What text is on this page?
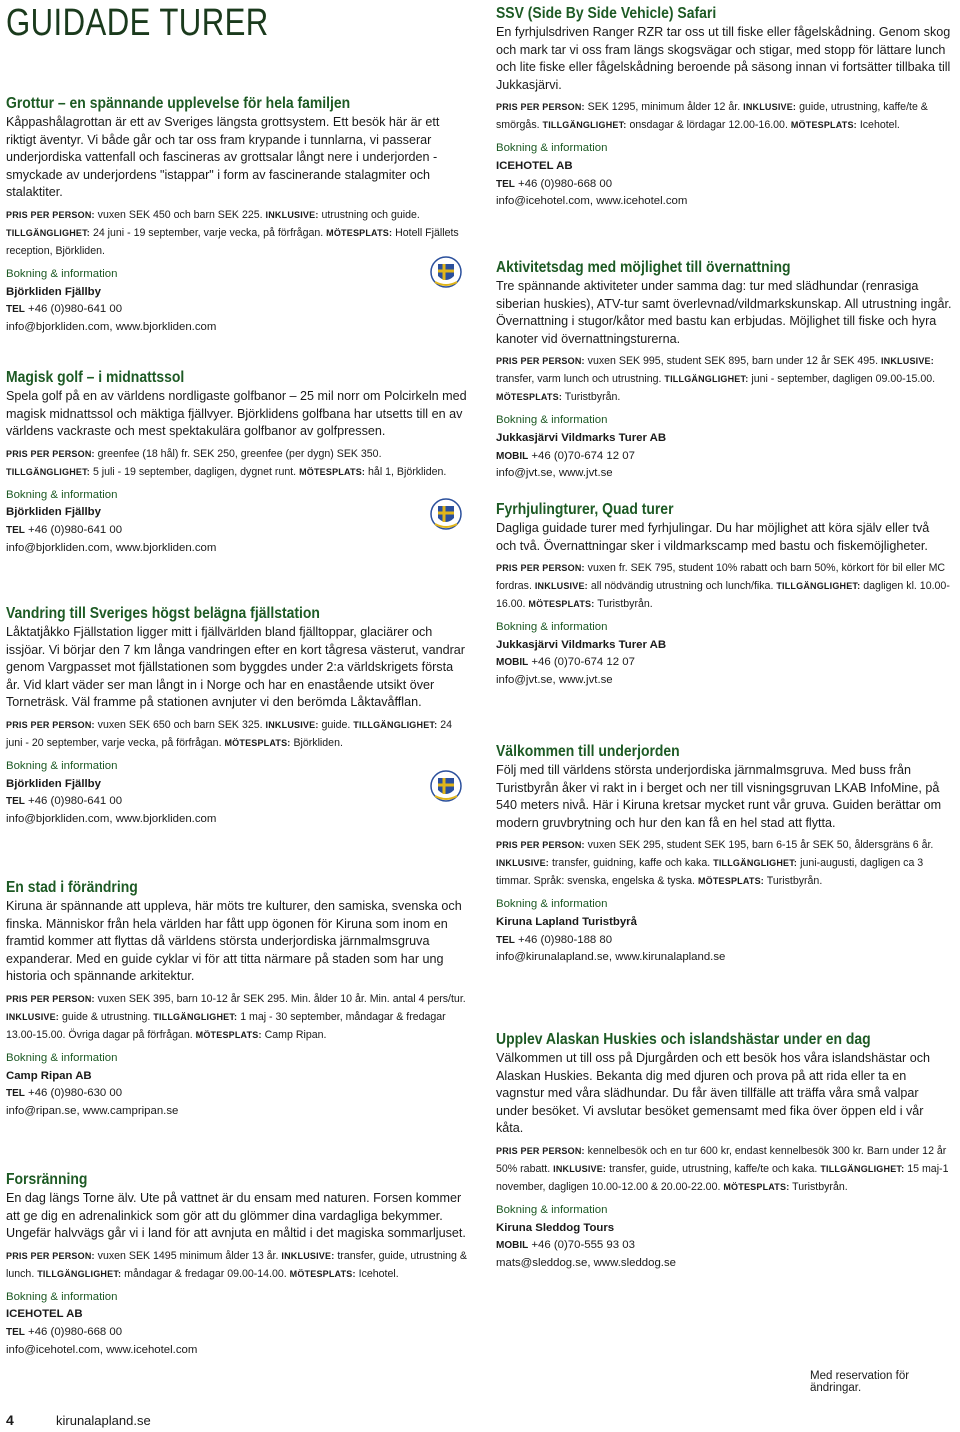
GUIDADE TURER
Grottur – en spännande upplevelse för hela familjen

Kåppashålagrottan är ett av Sveriges längsta grottsystem. Ett besök här är ett riktigt äventyr. Vi både går och tar oss fram krypande i tunnlarna, vi passerar underjordiska vattenfall och fascineras av grottsalar långt nere i underjorden - smyckade av underjordens "istappar" i form av fascinerande stalagmiter och stalaktiter.

PRIS PER PERSON: vuxen SEK 450 och barn SEK 225. INKLUSIVE: utrustning och guide. TILLGÄNGLIGHET: 24 juni - 19 september, varje vecka, på förfrågan. MÖTESPLATS: Hotell Fjällets reception, Björkliden.

Bokning & information
Björkliden Fjällby
TEL +46 (0)980-641 00
info@bjorkliden.com, www.bjorkliden.com
Magisk golf – i midnattssol

Spela golf på en av världens nordligaste golfbanor – 25 mil norr om Polcirkeln med magisk midnattssol och mäktiga fjällvyer. Björklidens golfbana har utsetts till en av världens vackraste och mest spektakulära golfbanor av golfpressen.

PRIS PER PERSON: greenfee (18 hål) fr. SEK 250, greenfee (per dygn) SEK 350. TILLGÄNGLIGHET: 5 juli - 19 september, dagligen, dygnet runt. MÖTESPLATS: hål 1, Björkliden.

Bokning & information
Björkliden Fjällby
TEL +46 (0)980-641 00
info@bjorkliden.com, www.bjorkliden.com
Vandring till Sveriges högst belägna fjällstation

Låktatjåkko Fjällstation ligger mitt i fjällvärlden bland fjälltoppar, glaciärer och issjöar. Vi börjar den 7 km långa vandringen efter en kort tågresa västerut, vandrar genom Vargpasset mot fjällstationen som byggdes under 2:a världskrigets första år. Vid klart väder ser man långt in i Norge och har en enastående utsikt över Torneträsk. Väl framme på stationen avnjuter vi den berömda Låktavåfflan.

PRIS PER PERSON: vuxen SEK 650 och barn SEK 325. INKLUSIVE: guide. TILLGÄNGLIGHET: 24 juni - 20 september, varje vecka, på förfrågan. MÖTESPLATS: Björkliden.

Bokning & information
Björkliden Fjällby
TEL +46 (0)980-641 00
info@bjorkliden.com, www.bjorkliden.com
En stad i förändring

Kiruna är spännande att uppleva, här möts tre kulturer, den samiska, svenska och finska. Människor från hela världen har fått upp ögonen för Kiruna som inom en framtid kommer att flyttas då världens största underjordiska järnmalmsgruva expanderar. Med en guide cyklar vi för att titta närmare på staden som har ung historia och spännande arkitektur.

PRIS PER PERSON: vuxen SEK 395, barn 10-12 år SEK 295. Min. ålder 10 år. Min. antal 4 pers/tur. INKLUSIVE: guide & utrustning. TILLGÄNGLIGHET: 1 maj - 30 september, måndagar & fredagar 13.00-15.00. Övriga dagar på förfrågan. MÖTESPLATS: Camp Ripan.

Bokning & information
Camp Ripan AB
TEL +46 (0)980-630 00
info@ripan.se, www.campripan.se
Forsränning

En dag längs Torne älv. Ute på vattnet är du ensam med naturen. Forsen kommer att ge dig en adrenalinkick som gör att du glömmer dina vardagliga bekymmer. Ungefär halvvägs går vi i land för att avnjuta en måltid i det magiska sommarljuset.

PRIS PER PERSON: vuxen SEK 1495 minimum ålder 13 år. INKLUSIVE: transfer, guide, utrustning & lunch. TILLGÄNGLIGHET: måndagar & fredagar 09.00-14.00. MÖTESPLATS: Icehotel.

Bokning & information
ICEHOTEL AB
TEL +46 (0)980-668 00
info@icehotel.com, www.icehotel.com
SSV (Side By Side Vehicle) Safari

En fyrhjulsdriven Ranger RZR tar oss ut till fiske eller fågelskådning. Genom skog och mark tar vi oss fram längs skogsvägar och stigar, med stopp för lättare lunch och lite fiske eller fågelskådning beroende på säsong innan vi fortsätter tillbaka till Jukkasjärvi.

PRIS PER PERSON: SEK 1295, minimum ålder 12 år. INKLUSIVE: guide, utrustning, kaffe/te & smörgås. TILLGÄNGLIGHET: onsdagar & lördagar 12.00-16.00. MÖTESPLATS: Icehotel.

Bokning & information
ICEHOTEL AB
TEL +46 (0)980-668 00
info@icehotel.com, www.icehotel.com
Aktivitetsdag med möjlighet till övernattning

Tre spännande aktiviteter under samma dag: tur med slädhundar (renrasiga siberian huskies), ATV-tur samt överlevnad/vildmarkskunskap. All utrustning ingår. Övernattning i stugor/kåtor med bastu kan erbjudas. Möjlighet till fiske och hyra kanoter vid övernattningsturerna.

PRIS PER PERSON: vuxen SEK 995, student SEK 895, barn under 12 år SEK 495. INKLUSIVE: transfer, varm lunch och utrustning. TILLGÄNGLIGHET: juni - september, dagligen 09.00-15.00. MÖTESPLATS: Turistbyrån.

Bokning & information
Jukkasjärvi Vildmarks Turer AB
MOBIL +46 (0)70-674 12 07
info@jvt.se, www.jvt.se
Fyrhjulingturer, Quad turer

Dagliga guidade turer med fyrhjulingar. Du har möjlighet att köra själv eller två och två. Övernattningar sker i vildmarkscamp med bastu och fiskemöjligheter.

PRIS PER PERSON: vuxen fr. SEK 795, student 10% rabatt och barn 50%, körkort för bil eller MC fordras. INKLUSIVE: all nödvändig utrustning och lunch/fika. TILLGÄNGLIGHET: dagligen kl. 10.00-16.00. MÖTESPLATS: Turistbyrån.

Bokning & information
Jukkasjärvi Vildmarks Turer AB
MOBIL +46 (0)70-674 12 07
info@jvt.se, www.jvt.se
Välkommen till underjorden

Följ med till världens största underjordiska järnmalmsgruva. Med buss från Turistbyrån åker vi rakt in i berget och ner till visningsgruvan LKAB InfoMine, på 540 meters nivå. Här i Kiruna kretsar mycket runt vår gruva. Guiden berättar om modern gruvbrytning och hur den kan få en hel stad att flytta.

PRIS PER PERSON: vuxen SEK 295, student SEK 195, barn 6-15 år SEK 50, åldersgräns 6 år. INKLUSIVE: transfer, guidning, kaffe och kaka. TILLGÄNGLIGHET: juni-augusti, dagligen ca 3 timmar. Språk: svenska, engelska & tyska. MÖTESPLATS: Turistbyrån.

Bokning & information
Kiruna Lapland Turistbyrå
TEL +46 (0)980-188 80
info@kirunalapland.se, www.kirunalapland.se
Upplev Alaskan Huskies och islandshästar under en dag

Välkommen ut till oss på Djurgården och ett besök hos våra islandshästar och Alaskan Huskies. Bekanta dig med djuren och prova på att rida eller ta en vagnstur med våra slädhundar. Du får även tillfälle att träffa våra små valpar under besöket. Vi avslutar besöket gemensamt med fika över öppen eld i vår kåta.

PRIS PER PERSON: kennelbesök och en tur 600 kr, endast kennelbesök 300 kr. Barn under 12 år 50% rabatt. INKLUSIVE: transfer, guide, utrustning, kaffe/te och kaka. TILLGÄNGLIGHET: 15 maj-1 november, dagligen 10.00-12.00 & 20.00-22.00. MÖTESPLATS: Turistbyrån.

Bokning & information
Kiruna Sleddog Tours
MOBIL +46 (0)70-555 93 03
mats@sleddog.se, www.sleddog.se
4	kirunalapland.se
Med reservation för ändringar.
